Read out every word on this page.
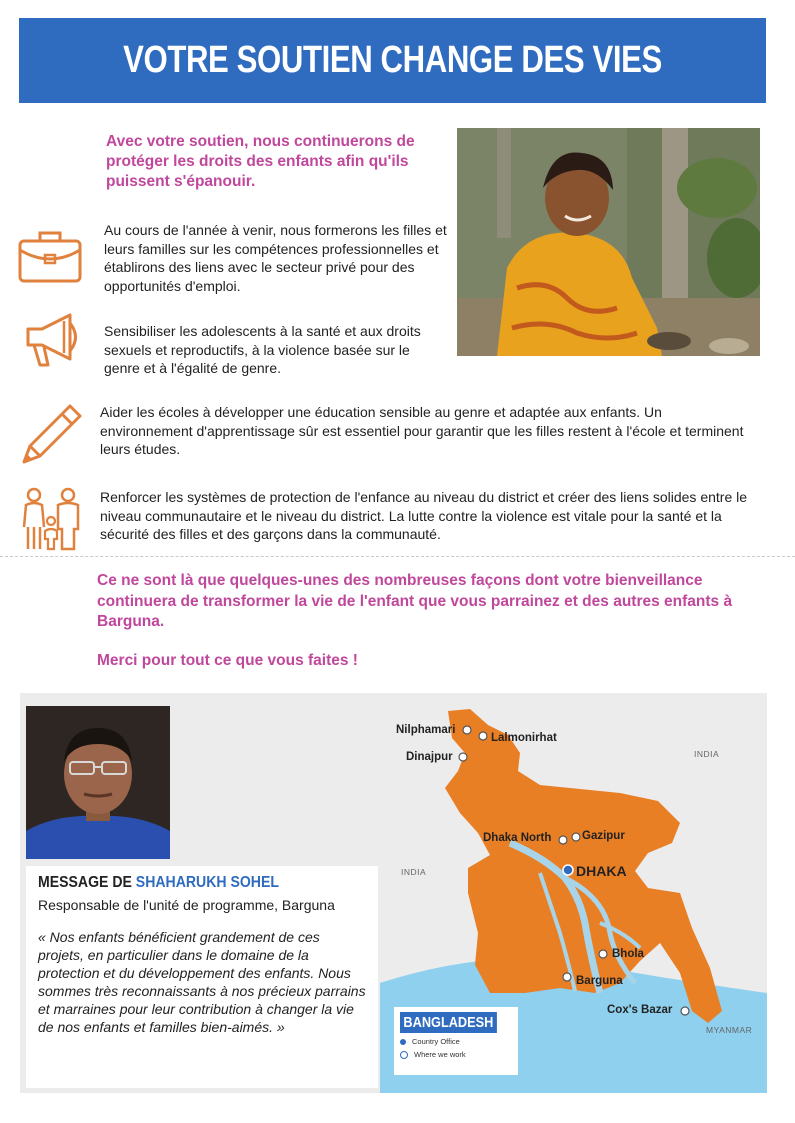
VOTRE SOUTIEN CHANGE DES VIES

Avec votre soutien, nous continuerons de protéger les droits des enfants afin qu'ils puissent s'épanouir.

Au cours de l'année à venir, nous formerons les filles et leurs familles sur les compétences professionnelles et établirons des liens avec le secteur privé pour des opportunités d'emploi.

Sensibiliser les adolescents à la santé et aux droits sexuels et reproductifs, à la violence basée sur le genre et à l'égalité de genre.

Aider les écoles à développer une éducation sensible au genre et adaptée aux enfants. Un environnement d'apprentissage sûr est essentiel pour garantir que les filles restent à l'école et terminent leurs études.

Renforcer les systèmes de protection de l'enfance au niveau du district et créer des liens solides entre le niveau communautaire et le niveau du district. La lutte contre la violence est vitale pour la santé et la sécurité des filles et des garçons dans la communauté.

Ce ne sont là que quelques-unes des nombreuses façons dont votre bienveillance continuera de transformer la vie de l'enfant que vous parrainez et des autres enfants à Barguna.

Merci pour tout ce que vous faites !

Nilphamari
Lalmonirhat
Dinajpur
Dhaka North	Gazipur
DHAKA
Bhola
Barguna
Cox's Bazar
INDIA
INDIA
MYANMAR
BANGLADESH
Country Office
Where we work
MESSAGE DE SHAHARUKH SOHEL

Responsable de l'unité de programme, Barguna

« Nos enfants bénéficient grandement de ces projets, en particulier dans le domaine de la protection et du développement des enfants. Nous sommes très reconnaissants à nos précieux parrains et marraines pour leur contribution à changer la vie de nos enfants et familles bien-aimés. »
